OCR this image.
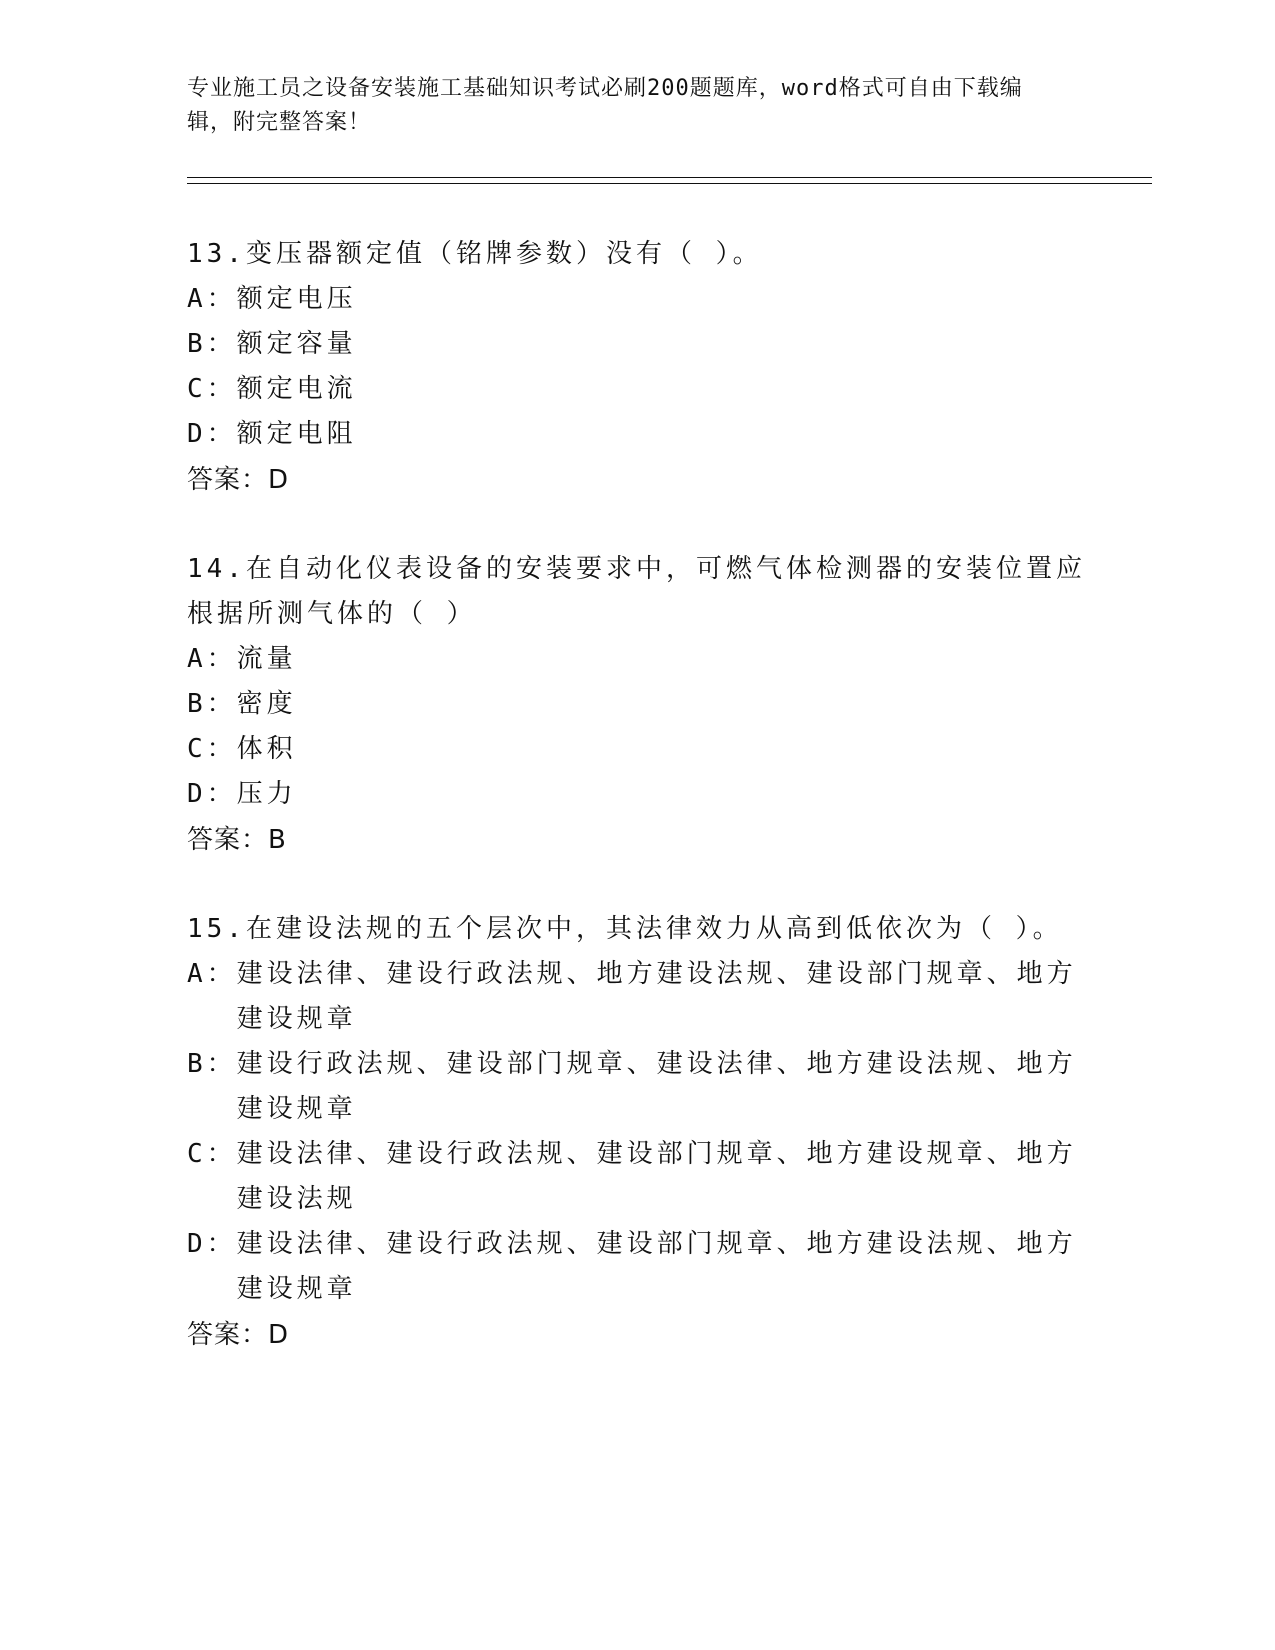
专业施工员之设备安装施工基础知识考试必刷200题题库，word格式可自由下载编辑，附完整答案！

13.变压器额定值（铭牌参数）没有（ ）。

A： 额定电压
B： 额定容量
C： 额定电流
D： 额定电阻

答案：D

14.在自动化仪表设备的安装要求中，可燃气体检测器的安装位置应根据所测气体的（ ）

A： 流量
B： 密度
C： 体积
D： 压力

答案：B

15.在建设法规的五个层次中，其法律效力从高到低依次为（ ）。

A： 建设法律、建设行政法规、地方建设法规、建设部门规章、地方建设规章
B： 建设行政法规、建设部门规章、建设法律、地方建设法规、地方建设规章
C： 建设法律、建设行政法规、建设部门规章、地方建设规章、地方建设法规
D： 建设法律、建设行政法规、建设部门规章、地方建设法规、地方建设规章

答案：D
